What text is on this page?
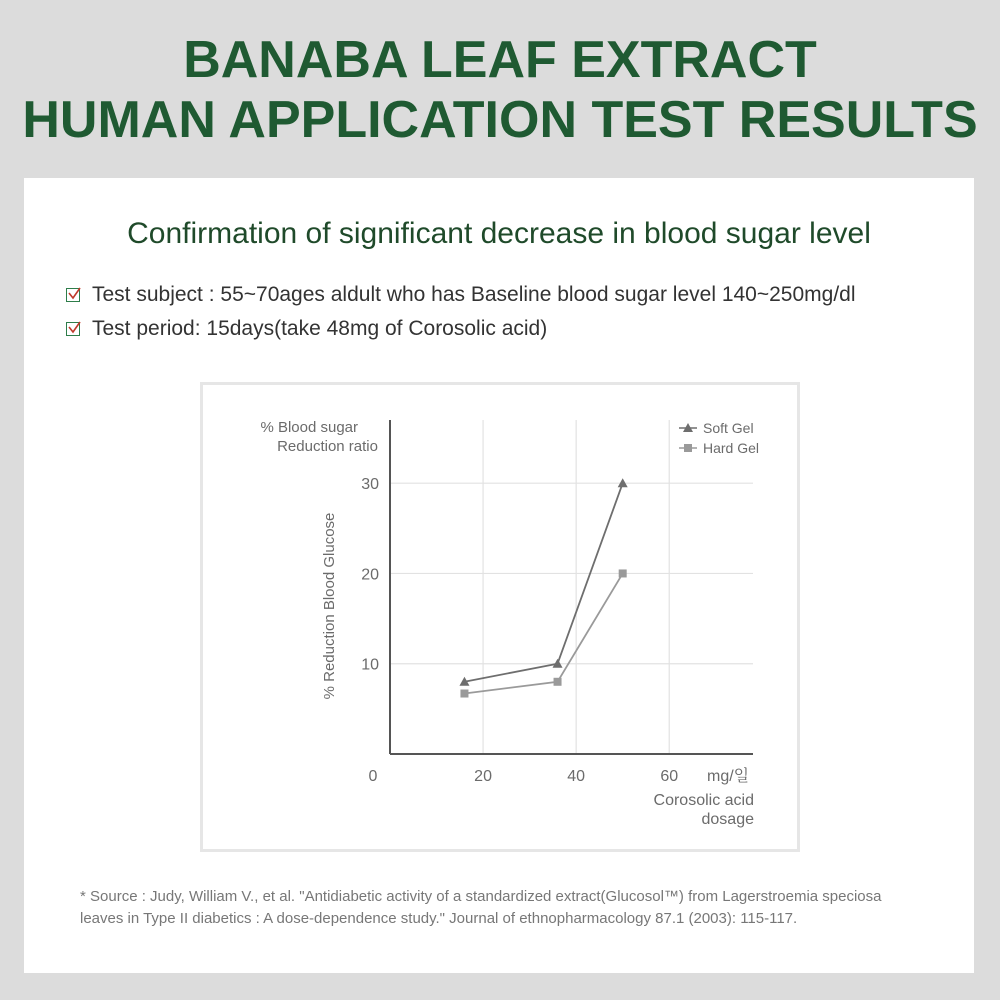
BANABA LEAF EXTRACT
HUMAN APPLICATION TEST RESULTS
Confirmation of significant decrease in blood sugar level
Test subject : 55~70ages aldult who has Baseline blood sugar level 140~250mg/dl
Test period: 15days(take 48mg of Corosolic acid)
% Blood sugar
Reduction ratio
% Reduction Blood Glucose
mg/일
Corosolic acid
dosage
0	20	40	60
10
20
30
Soft Gel
Hard Gel
* Source : Judy, William V., et al. "Antidiabetic activity of a standardized extract(Glucosol™) from Lagerstroemia speciosa
leaves in Type II diabetics : A dose-dependence study." Journal of ethnopharmacology 87.1 (2003): 115-117.
